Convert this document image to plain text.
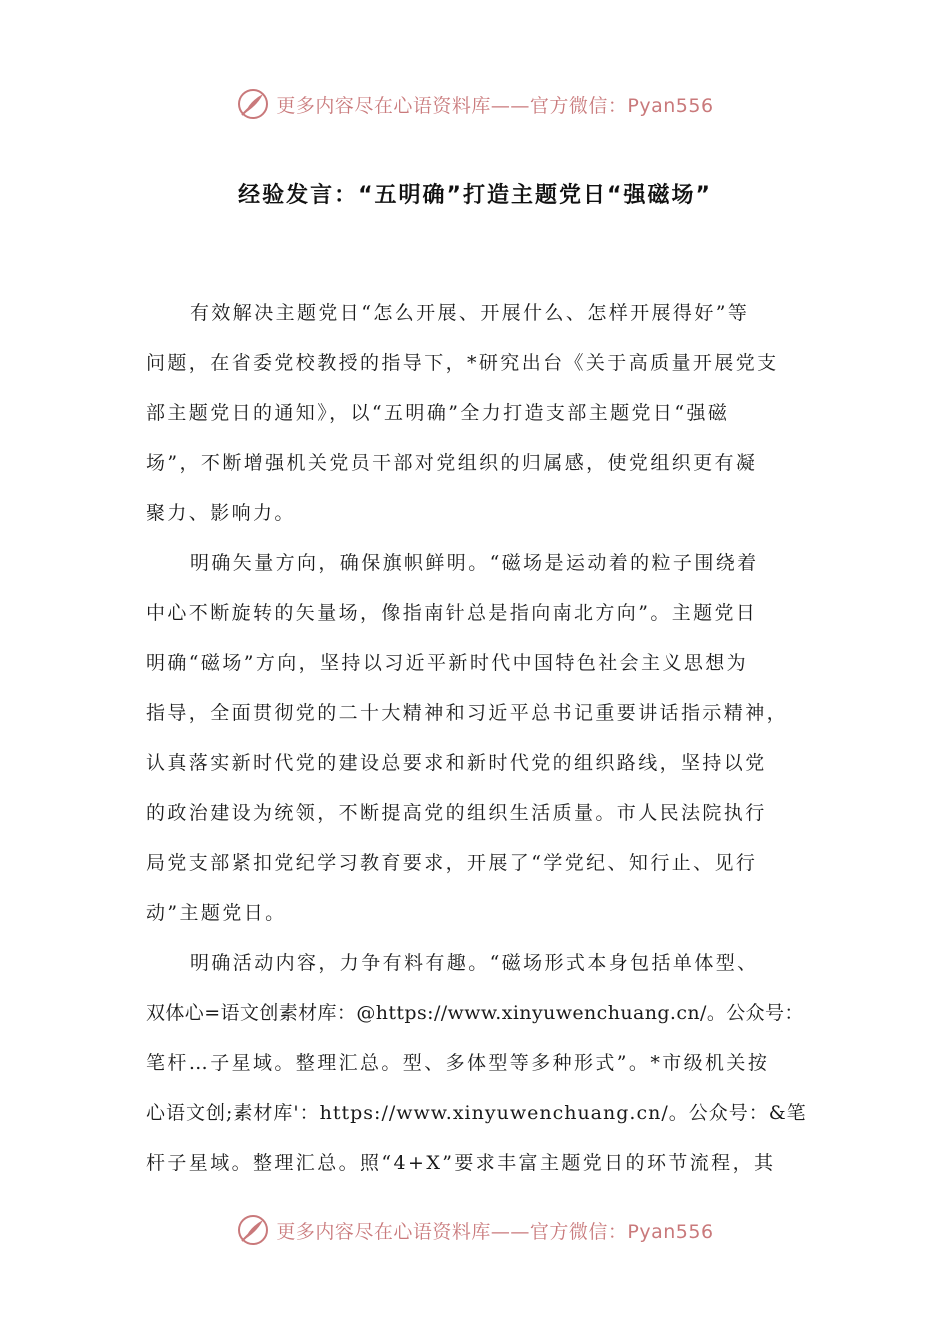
更多内容尽在心语资料库——官方微信：Pyan556
经验发言：“五明确”打造主题党日“强磁场”
有效解决主题党日“怎么开展、开展什么、怎样开展得好”等
问题，在省委党校教授的指导下，*研究出台《关于高质量开展党支
部主题党日的通知》，以“五明确”全力打造支部主题党日“强磁
场”，不断增强机关党员干部对党组织的归属感，使党组织更有凝
聚力、影响力。
明确矢量方向，确保旗帜鲜明。“磁场是运动着的粒子围绕着
中心不断旋转的矢量场，像指南针总是指向南北方向”。主题党日
明确“磁场”方向，坚持以习近平新时代中国特色社会主义思想为
指导，全面贯彻党的二十大精神和习近平总书记重要讲话指示精神，
认真落实新时代党的建设总要求和新时代党的组织路线，坚持以党
的政治建设为统领，不断提高党的组织生活质量。市人民法院执行
局党支部紧扣党纪学习教育要求，开展了“学党纪、知行止、见行
动”主题党日。
明确活动内容，力争有料有趣。“磁场形式本身包括单体型、
双体心=语文创素材库：@https://www.xinyuwenchuang.cn/。公众号：
笔杆…子星域。整理汇总。型、多体型等多种形式”。*市级机关按
心语文创;素材库'：https://www.xinyuwenchuang.cn/。公众号：&笔
杆子星域。整理汇总。照“4+X”要求丰富主题党日的环节流程，其
更多内容尽在心语资料库——官方微信：Pyan556
